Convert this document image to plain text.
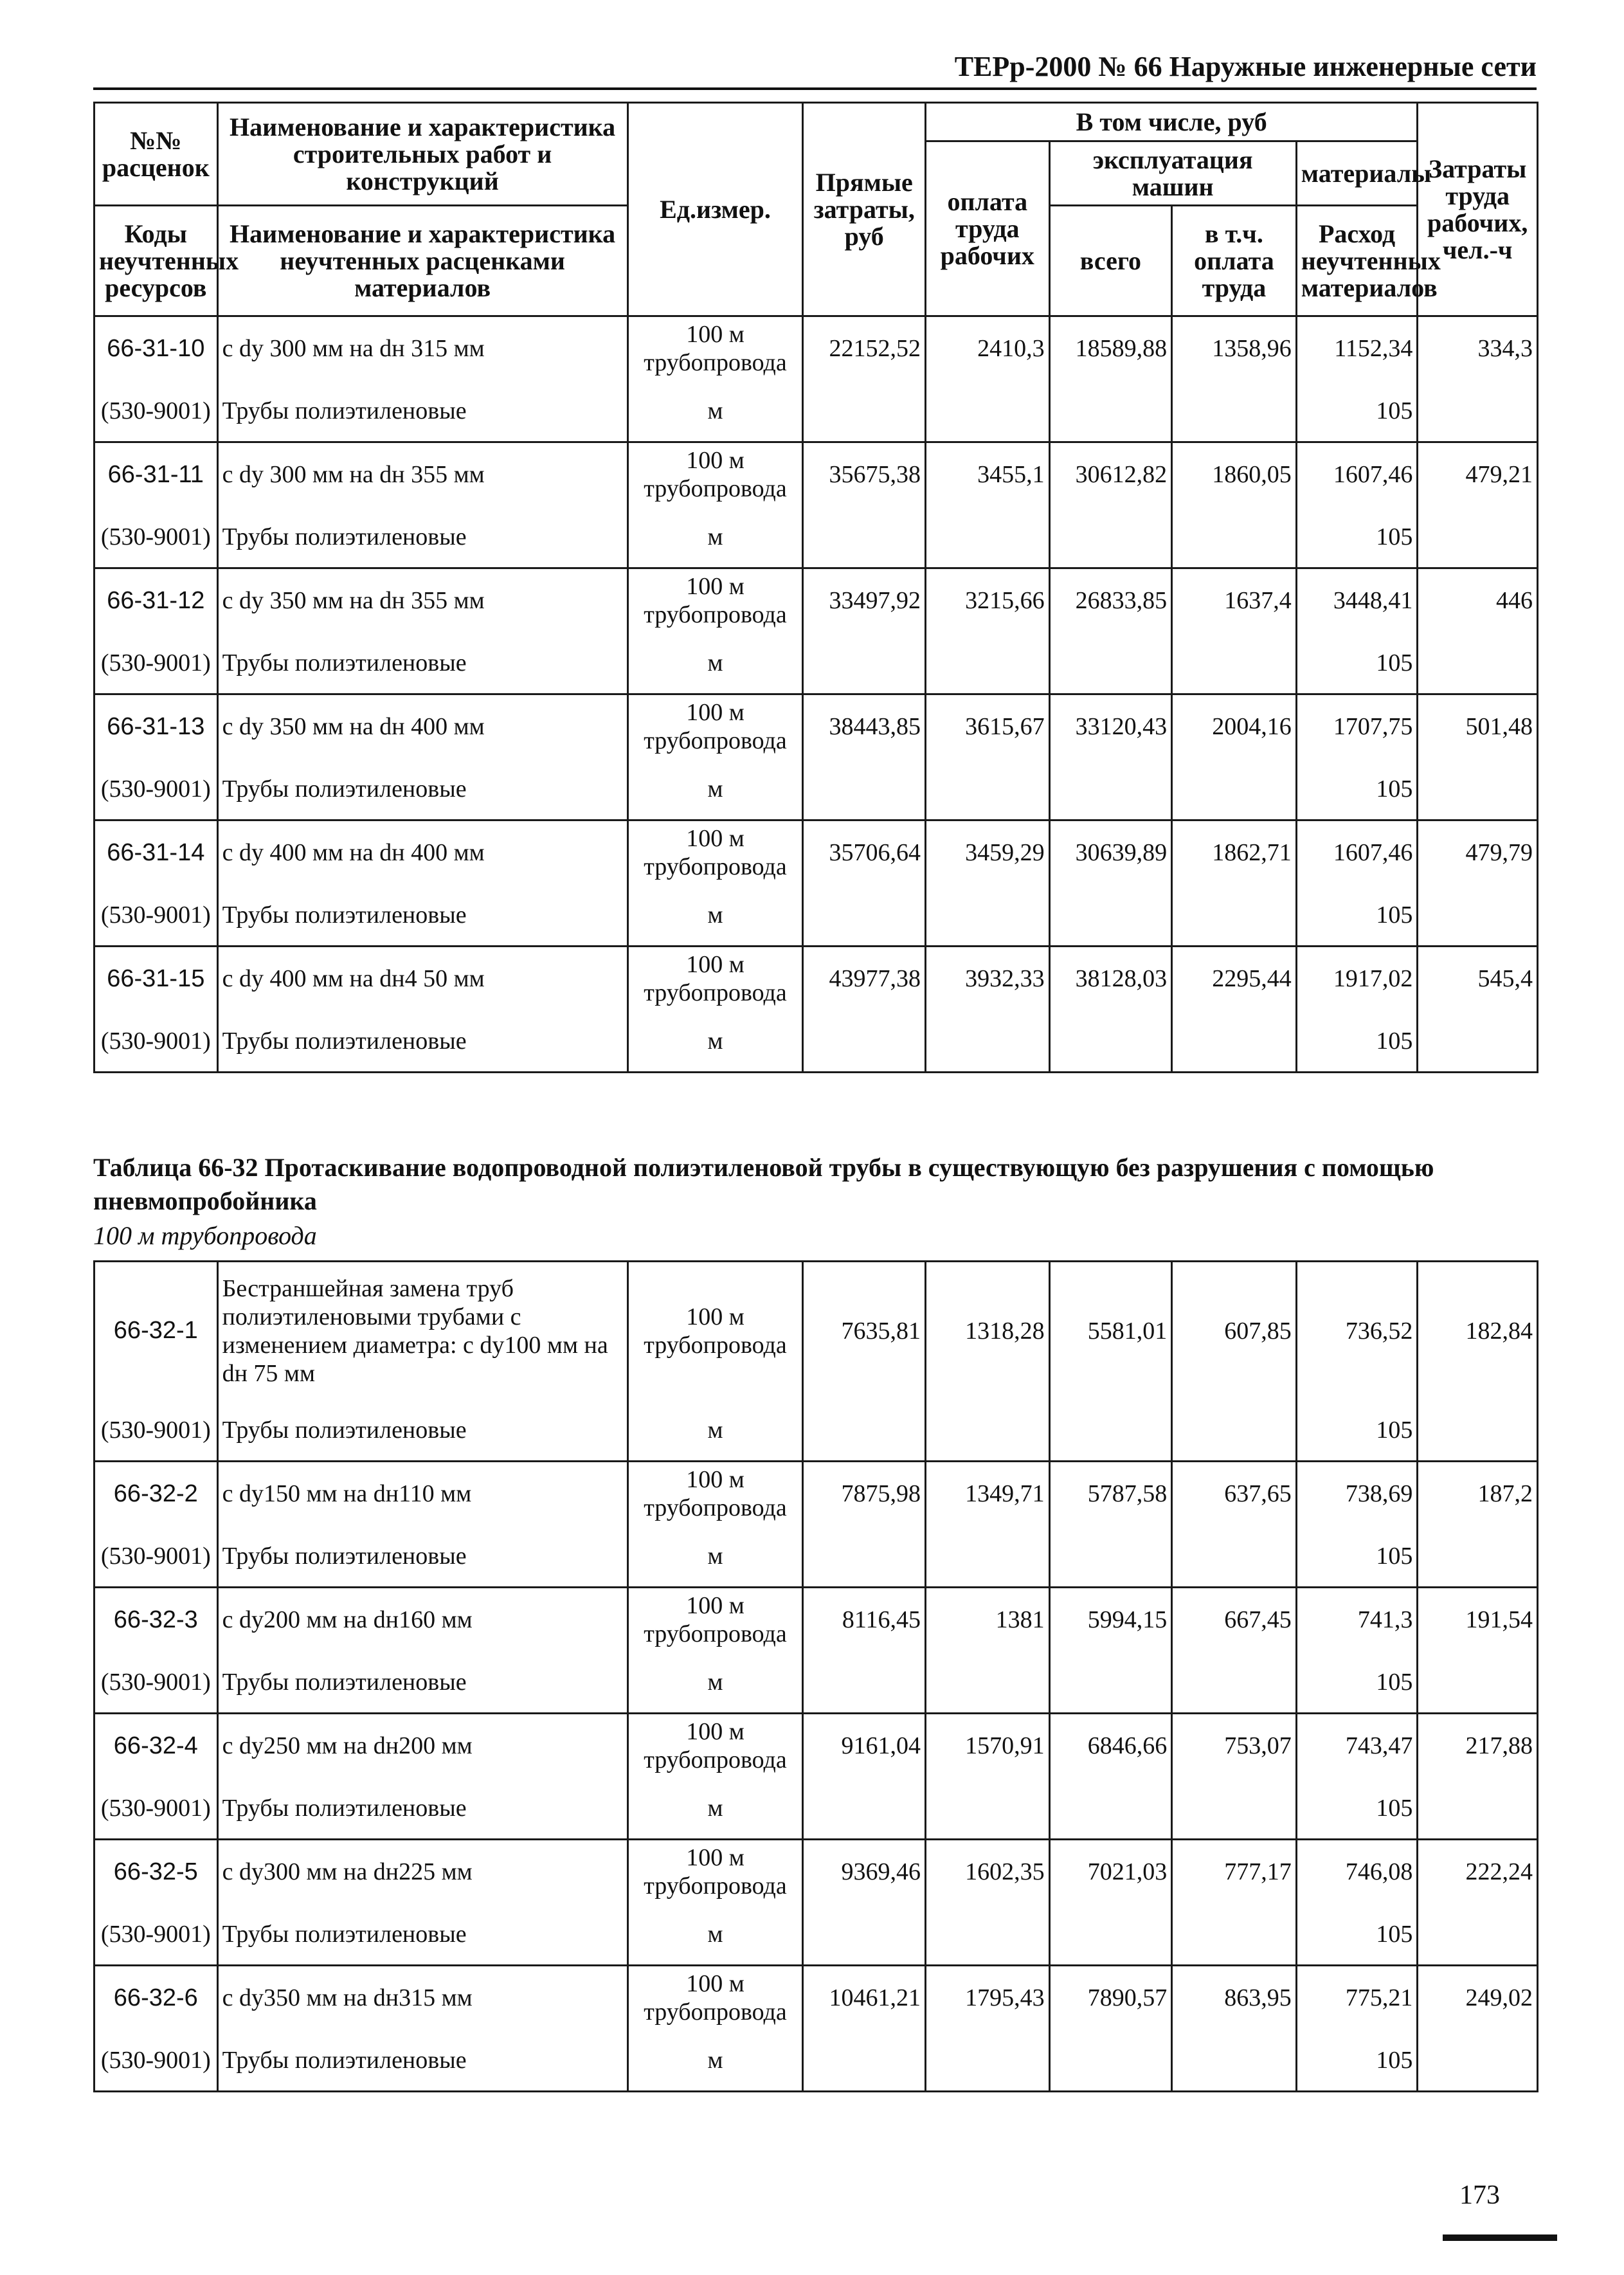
ТЕРр-2000 № 66 Наружные инженерные сети
№№ расценок	Наименование и характеристика строительных работ и конструкций	Ед.измер.	Прямые затраты, руб	В том числе, руб				Затраты труда рабочих, чел.-ч
				оплата труда рабочих	эксплуатация машин		материалы	
Коды неучтенных ресурсов	Наименование и характеристика неучтенных расценками материалов				всего	в т.ч. оплата труда	Расход неучтенных материалов	

66-31-10	с dy 300 мм на dн 315 мм	100 м трубопровода	22152,52	2410,3	18589,88	1358,96	1152,34	334,3
(530-9001)	Трубы полиэтиленовые	м					105	
66-31-11	с dy 300 мм на dн 355 мм	100 м трубопровода	35675,38	3455,1	30612,82	1860,05	1607,46	479,21
(530-9001)	Трубы полиэтиленовые	м					105	
66-31-12	с dy 350 мм на dн 355 мм	100 м трубопровода	33497,92	3215,66	26833,85	1637,4	3448,41	446
(530-9001)	Трубы полиэтиленовые	м					105	
66-31-13	с dy 350 мм на dн 400 мм	100 м трубопровода	38443,85	3615,67	33120,43	2004,16	1707,75	501,48
(530-9001)	Трубы полиэтиленовые	м					105	
66-31-14	с dy 400 мм на dн 400 мм	100 м трубопровода	35706,64	3459,29	30639,89	1862,71	1607,46	479,79
(530-9001)	Трубы полиэтиленовые	м					105	
66-31-15	с dy 400 мм на dн4 50 мм	100 м трубопровода	43977,38	3932,33	38128,03	2295,44	1917,02	545,4
(530-9001)	Трубы полиэтиленовые	м					105	
Таблица 66-32 Протаскивание водопроводной полиэтиленовой трубы в существующую без разрушения с помощью пневмопробойника
100 м трубопровода
66-32-1	Бестраншейная замена труб полиэтиленовыми трубами с изменением диаметра: с dy100 мм на dн 75 мм	100 м трубопровода	7635,81	1318,28	5581,01	607,85	736,52	182,84
(530-9001)	Трубы полиэтиленовые	м					105	
66-32-2	с dy150 мм на dн110 мм	100 м трубопровода	7875,98	1349,71	5787,58	637,65	738,69	187,2
(530-9001)	Трубы полиэтиленовые	м					105	
66-32-3	с dy200 мм на dн160 мм	100 м трубопровода	8116,45	1381	5994,15	667,45	741,3	191,54
(530-9001)	Трубы полиэтиленовые	м					105	
66-32-4	с dy250 мм на dн200 мм	100 м трубопровода	9161,04	1570,91	6846,66	753,07	743,47	217,88
(530-9001)	Трубы полиэтиленовые	м					105	
66-32-5	с dy300 мм на dн225 мм	100 м трубопровода	9369,46	1602,35	7021,03	777,17	746,08	222,24
(530-9001)	Трубы полиэтиленовые	м					105	
66-32-6	с dy350 мм на dн315 мм	100 м трубопровода	10461,21	1795,43	7890,57	863,95	775,21	249,02
(530-9001)	Трубы полиэтиленовые	м					105	
173
